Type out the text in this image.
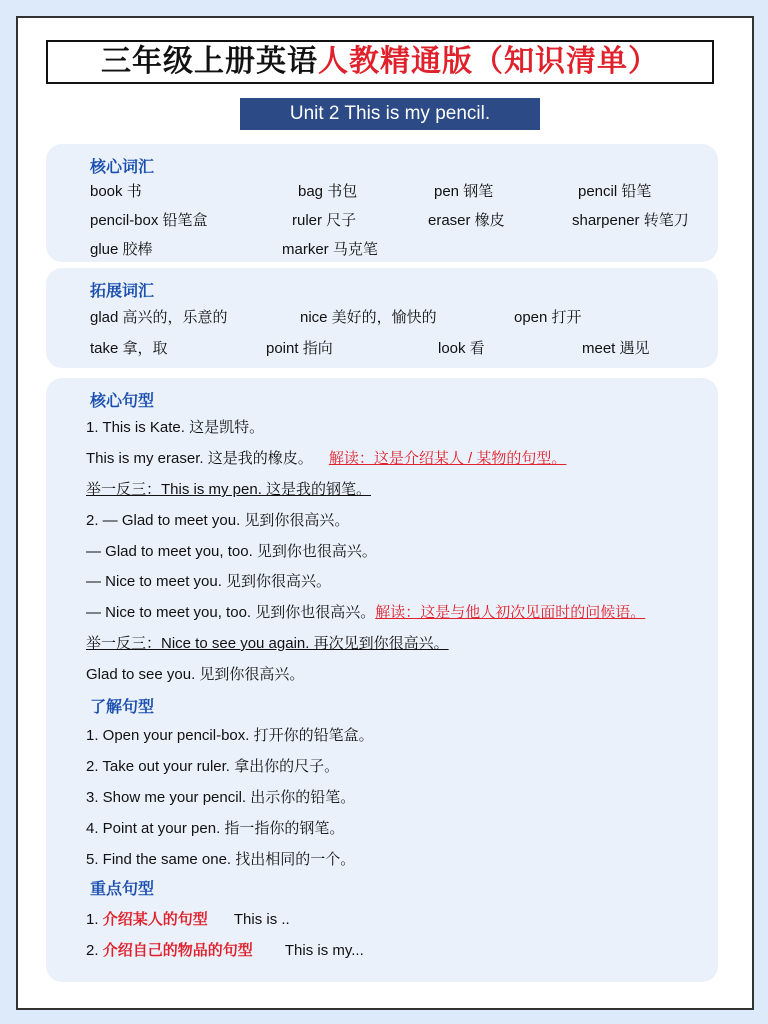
三年级上册英语人教精通版（知识清单）
Unit 2 This is my pencil.
核心词汇
book 书	bag 书包	pen 钢笔	pencil 铅笔
pencil-box 铅笔盒	ruler 尺子	eraser 橡皮	sharpener 转笔刀
glue 胶棒	marker 马克笔
拓展词汇
glad 高兴的，乐意的	nice 美好的，愉快的	open 打开
take 拿，取	point 指向	look 看	meet 遇见
核心句型
1. This is Kate. 这是凯特。
This is my eraser. 这是我的橡皮。 解读：这是介绍某人 / 某物的句型。
举一反三：This is my pen. 这是我的钢笔。
2. — Glad to meet you. 见到你很高兴。
— Glad to meet you, too. 见到你也很高兴。
— Nice to meet you. 见到你很高兴。
— Nice to meet you, too. 见到你也很高兴。解读：这是与他人初次见面时的问候语。
举一反三：Nice to see you again. 再次见到你很高兴。
Glad to see you. 见到你很高兴。
了解句型
1. Open your pencil-box. 打开你的铅笔盒。
2. Take out your ruler. 拿出你的尺子。
3. Show me your pencil. 出示你的铅笔。
4. Point at your pen. 指一指你的钢笔。
5. Find the same one. 找出相同的一个。
重点句型
1. 介绍某人的句型 This is ..
2. 介绍自己的物品的句型 This is my...
